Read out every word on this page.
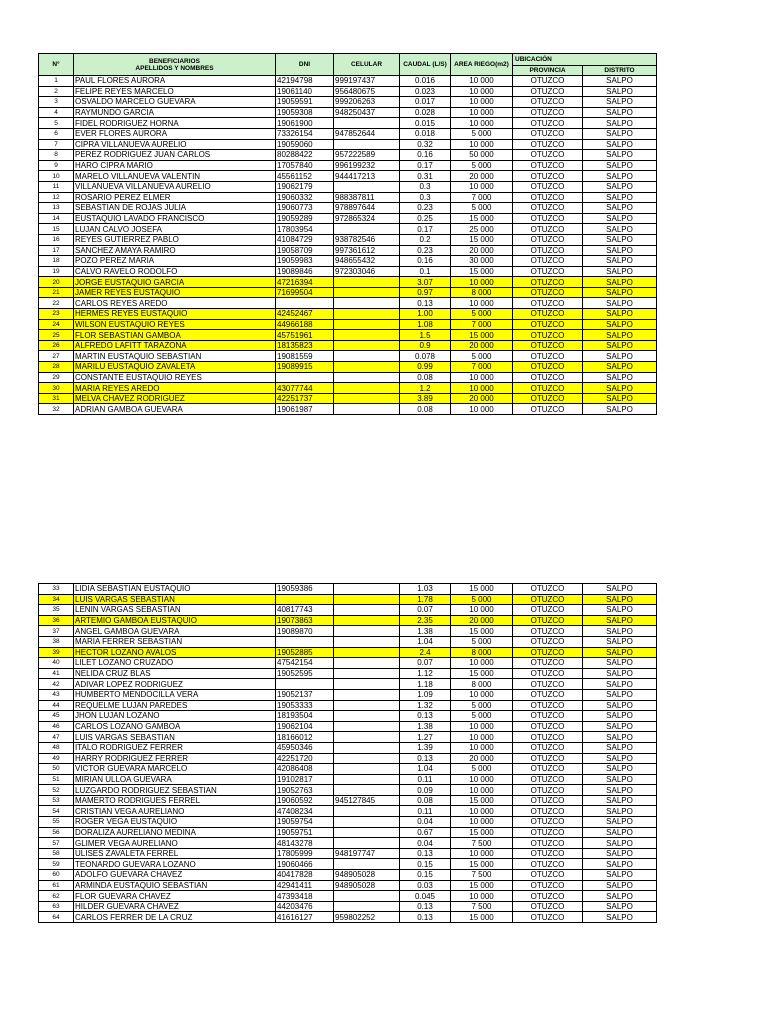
N°	BENEFICIARIOS
APELLIDOS Y NOMBRES	DNI	CELULAR	CAUDAL (L/S)	AREA RIEGO(m2)	UBICACIÓN	
						PROVINCIA	DISTRITO
1	PAUL FLORES AURORA	42194798	999197437	0.016	10 000	OTUZCO	SALPO
2	FELIPE REYES MARCELO	19061140	956480675	0.023	10 000	OTUZCO	SALPO
3	OSVALDO MARCELO GUEVARA	19059591	999206263	0.017	10 000	OTUZCO	SALPO
4	RAYMUNDO GARCIA	19059308	948250437	0.028	10 000	OTUZCO	SALPO
5	FIDEL RODRIGUEZ HORNA	19061900		0.015	10 000	OTUZCO	SALPO
6	EVER FLORES AURORA	73326154	947852644	0.018	5 000	OTUZCO	SALPO
7	CIPRA VILLANUEVA AURELIO	19059060		0.32	10 000	OTUZCO	SALPO
8	PEREZ RODRIGUEZ JUAN CARLOS	80288422	957222589	0.16	50 000	OTUZCO	SALPO
9	HARO CIPRA MARIO	17057840	996199232	0.17	5 000	OTUZCO	SALPO
10	MARELO VILLANUEVA VALENTIN	45561152	944417213	0.31	20 000	OTUZCO	SALPO
11	VILLANUEVA VILLANUEVA AURELIO	19062179		0.3	10 000	OTUZCO	SALPO
12	ROSARIO PEREZ ELMER	19060332	988387811	0.3	7 000	OTUZCO	SALPO
13	SEBASTIAN DE ROJAS JULIA	19060773	978897644	0.23	5 000	OTUZCO	SALPO
14	EUSTAQUIO LAVADO FRANCISCO	19059289	972865324	0.25	15 000	OTUZCO	SALPO
15	LUJAN CALVO JOSEFA	17803954		0.17	25 000	OTUZCO	SALPO
16	REYES GUTIERREZ PABLO	41084729	938782546	0.2	15 000	OTUZCO	SALPO
17	SANCHEZ AMAYA RAMIRO	19058709	997361612	0.23	20 000	OTUZCO	SALPO
18	POZO PEREZ MARIA	19059983	948655432	0.16	30 000	OTUZCO	SALPO
19	CALVO RAVELO RODOLFO	19089846	972303046	0.1	15 000	OTUZCO	SALPO
20	JORGE EUSTAQUIO GARCIA	47216394		3.07	10 000	OTUZCO	SALPO
21	JAMER REYES EUSTAQUIO	71699504		0.97	8 000	OTUZCO	SALPO
22	CARLOS REYES AREDO			0.13	10 000	OTUZCO	SALPO
23	HERMES REYES EUSTAQUIO	42452467		1.00	5 000	OTUZCO	SALPO
24	WILSON EUSTAQUIO REYES	44966188		1.08	7 000	OTUZCO	SALPO
25	FLOR SEBASTIAN GAMBOA	45751961		1.5	15 000	OTUZCO	SALPO
26	ALFREDO LAFITT TARAZONA	18135823		0.9	20 000	OTUZCO	SALPO
27	MARTIN EUSTAQUIO SEBASTIAN	19081559		0.078	5 000	OTUZCO	SALPO
28	MARILU EUSTAQUIO ZAVALETA	19089915		0.99	7 000	OTUZCO	SALPO
29	CONSTANTE EUSTAQUIO REYES			0.08	10 000	OTUZCO	SALPO
30	MARIA REYES AREDO	43077744		1.2	10 000	OTUZCO	SALPO
31	MELVA CHAVEZ RODRIGUEZ	42251737		3.89	20 000	OTUZCO	SALPO
32	ADRIAN GAMBOA GUEVARA	19061987		0.08	10 000	OTUZCO	SALPO
33	LIDIA SEBASTIAN EUSTAQUIO	19059386		1.03	15 000	OTUZCO	SALPO
34	LUIS VARGAS SEBASTIAN			1.78	5 000	OTUZCO	SALPO
35	LENIN VARGAS SEBASTIAN	40817743		0.07	10 000	OTUZCO	SALPO
36	ARTEMIO GAMBOA EUSTAQUIO	19073863		2.35	20 000	OTUZCO	SALPO
37	ANGEL GAMBOA GUEVARA	19089870		1.38	15 000	OTUZCO	SALPO
38	MARIA FERRER SEBASTIAN			1.04	5 000	OTUZCO	SALPO
39	HECTOR LOZANO AVALOS	19052885		2.4	8 000	OTUZCO	SALPO
40	LILET LOZANO CRUZADO	47542154		0.07	10 000	OTUZCO	SALPO
41	NELIDA CRUZ BLAS	19052595		1.12	15 000	OTUZCO	SALPO
42	ADIVAR LOPEZ RODRIGUEZ			1.18	8 000	OTUZCO	SALPO
43	HUMBERTO MENDOCILLA VERA	19052137		1.09	10 000	OTUZCO	SALPO
44	REQUELME LUJAN PAREDES	19053333		1.32	5 000	OTUZCO	SALPO
45	JHON LUJAN LOZANO	18193504		0.13	5 000	OTUZCO	SALPO
46	CARLOS LOZANO GAMBOA	19062104		1.38	10 000	OTUZCO	SALPO
47	LUIS VARGAS SEBASTIAN	18166012		1.27	10 000	OTUZCO	SALPO
48	ITALO RODRIGUEZ FERRER	45950346		1.39	10 000	OTUZCO	SALPO
49	HARRY RODRIGUEZ FERRER	42251720		0.13	20 000	OTUZCO	SALPO
50	VICTOR GUEVARA MARCELO	42086408		1.04	5 000	OTUZCO	SALPO
51	MIRIAN ULLOA GUEVARA	19102817		0.11	10 000	OTUZCO	SALPO
52	LUZGARDO RODRIGUEZ SEBASTIAN	19052763		0.09	10 000	OTUZCO	SALPO
53	MAMERTO RODRIGUES FERREL	19060592	945127845	0.08	15 000	OTUZCO	SALPO
54	CRISTIAN VEGA AURELIANO	47408234		0.11	10 000	OTUZCO	SALPO
55	ROGER VEGA EUSTAQUIO	19059754		0.04	10 000	OTUZCO	SALPO
56	DORALIZA AURELIANO MEDINA	19059751		0.67	15 000	OTUZCO	SALPO
57	GLIMER VEGA AURELIANO	48143278		0.04	7 500	OTUZCO	SALPO
58	ULISES ZAVALETA FERREL	17805999	948197747	0.13	10 000	OTUZCO	SALPO
59	TEONARDO GUEVARA LOZANO	19060466		0.15	15 000	OTUZCO	SALPO
60	ADOLFO GUEVARA CHAVEZ	40417828	948905028	0.15	7 500	OTUZCO	SALPO
61	ARMINDA EUSTAQUIO SEBASTIAN	42941411	948905028	0.03	15 000	OTUZCO	SALPO
62	FLOR GUEVARA CHAVEZ	47393418		0.045	10 000	OTUZCO	SALPO
63	HILDER GUEVARA CHAVEZ	44203476		0.13	7 500	OTUZCO	SALPO
64	CARLOS FERRER DE LA CRUZ	41616127	959802252	0.13	15 000	OTUZCO	SALPO
